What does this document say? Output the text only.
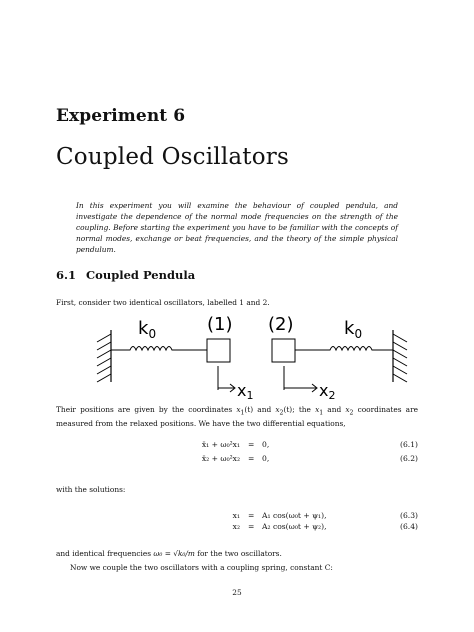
Experiment 6
Coupled Oscillators
In this experiment you will examine the behaviour of coupled pendula, and investigate the dependence of the normal mode frequencies on the strength of the coupling. Before starting the experiment you have to be familiar with the concepts of normal modes, exchange or beat frequencies, and the theory of the simple physical pendulum.
6.1 Coupled Pendula
First, consider two identical oscillators, labelled 1 and 2.
$k_0$	(1) (2)	$k_0$
x1	x2
Their positions are given by the coordinates $x_1(t)$ and $x_2(t)$; the $x_1$ and $x_2$ coordinates are measured from the relaxed positions. We have the two differential equations,
ẍ₁ + ω₀²x₁ = 0,	(6.1)
ẍ₂ + ω₀²x₂ = 0,	(6.2)
with the solutions:
x₁ = A₁ cos(ω₀t + ψ₁),	(6.3)
x₂ = A₂ cos(ω₀t + ψ₂),	(6.4)
and identical frequencies ω₀ = √k₀/m for the two oscillators.
Now we couple the two oscillators with a coupling spring, constant C:
25
